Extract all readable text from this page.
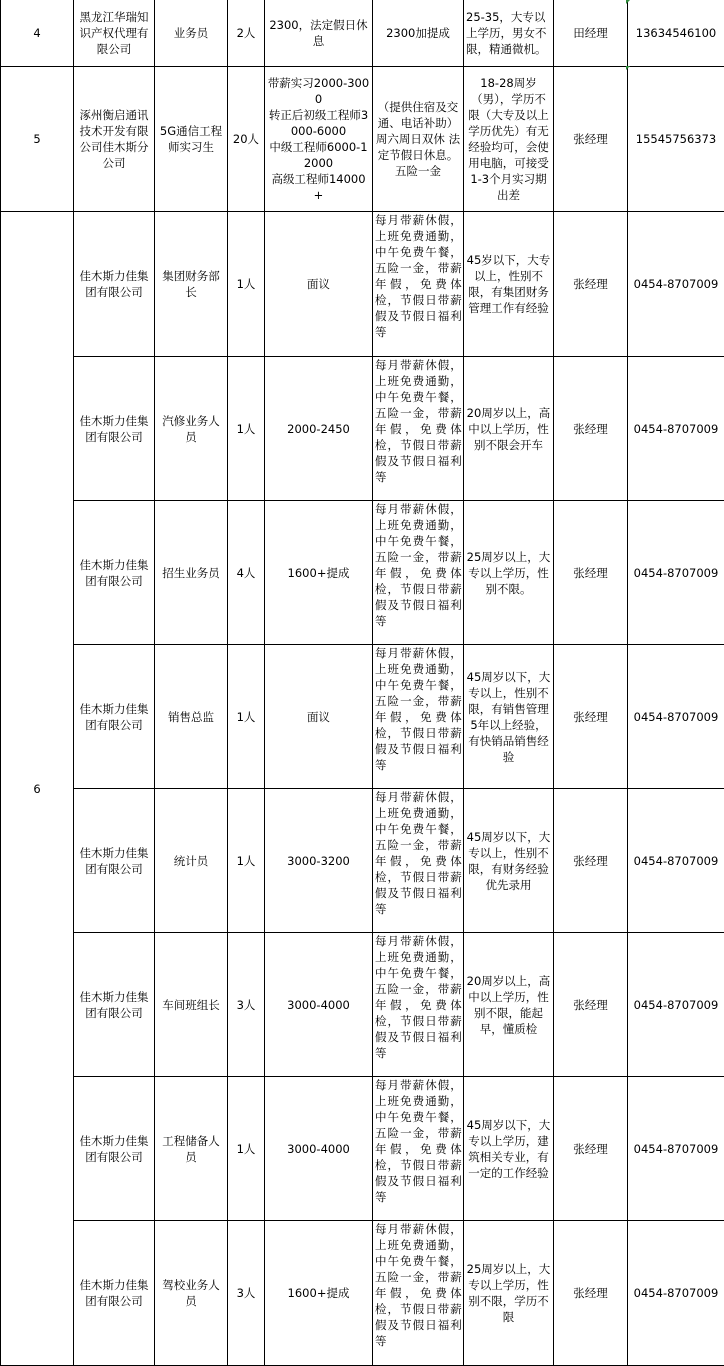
4	黑龙江华瑞知识产权代理有限公司	业务员	2人	2300，法定假日休息	2300加提成	25-35，大专以上学历，男女不限，精通微机。	田经理	13634546100
5	涿州衡启通讯技术开发有限公司佳木斯分公司	5G通信工程师实习生	20人	带薪实习2000-3000
转正后初级工程师3000-6000
中级工程师6000-12000
高级工程师14000+	（提供住宿及交通、电话补助） 周六周日双休 法定节假日休息。五险一金	18-28周岁（男），学历不限（大专及以上学历优先）有无经验均可，会使用电脑，可接受1-3个月实习期出差	张经理	15545756373
6	佳木斯力佳集团有限公司	集团财务部长	1人	面议	每月带薪休假，上班免费通勤，中午免费午餐，五险一金，带薪年假，免费体检，节假日带薪假及节假日福利等	45岁以下，大专以上，性别不限，有集团财务管理工作有经验	张经理	0454-8707009
	佳木斯力佳集团有限公司	汽修业务人员	1人	2000-2450	每月带薪休假，上班免费通勤，中午免费午餐，五险一金，带薪年假，免费体检，节假日带薪假及节假日福利等	20周岁以上，高中以上学历，性别不限会开车	张经理	0454-8707009
	佳木斯力佳集团有限公司	招生业务员	4人	1600+提成	每月带薪休假，上班免费通勤，中午免费午餐，五险一金，带薪年假，免费体检，节假日带薪假及节假日福利等	25周岁以上，大专以上学历，性别不限。	张经理	0454-8707009
	佳木斯力佳集团有限公司	销售总监	1人	面议	每月带薪休假，上班免费通勤，中午免费午餐，五险一金，带薪年假，免费体检，节假日带薪假及节假日福利等	45周岁以下，大专以上，性别不限，有销售管理5年以上经验，有快销品销售经验	张经理	0454-8707009
	佳木斯力佳集团有限公司	统计员	1人	3000-3200	每月带薪休假，上班免费通勤，中午免费午餐，五险一金，带薪年假，免费体检，节假日带薪假及节假日福利等	45周岁以下，大专以上，性别不限，有财务经验优先录用	张经理	0454-8707009
	佳木斯力佳集团有限公司	车间班组长	3人	3000-4000	每月带薪休假，上班免费通勤，中午免费午餐，五险一金，带薪年假，免费体检，节假日带薪假及节假日福利等	20周岁以上，高中以上学历，性别不限，能起早，懂质检	张经理	0454-8707009
	佳木斯力佳集团有限公司	工程储备人员	1人	3000-4000	每月带薪休假，上班免费通勤，中午免费午餐，五险一金，带薪年假，免费体检，节假日带薪假及节假日福利等	45周岁以下，大专以上学历，建筑相关专业，有一定的工作经验	张经理	0454-8707009
	佳木斯力佳集团有限公司	驾校业务人员	3人	1600+提成	每月带薪休假，上班免费通勤，中午免费午餐，五险一金，带薪年假，免费体检，节假日带薪假及节假日福利等	25周岁以上，大专以上学历，性别不限，学历不限	张经理	0454-8707009
